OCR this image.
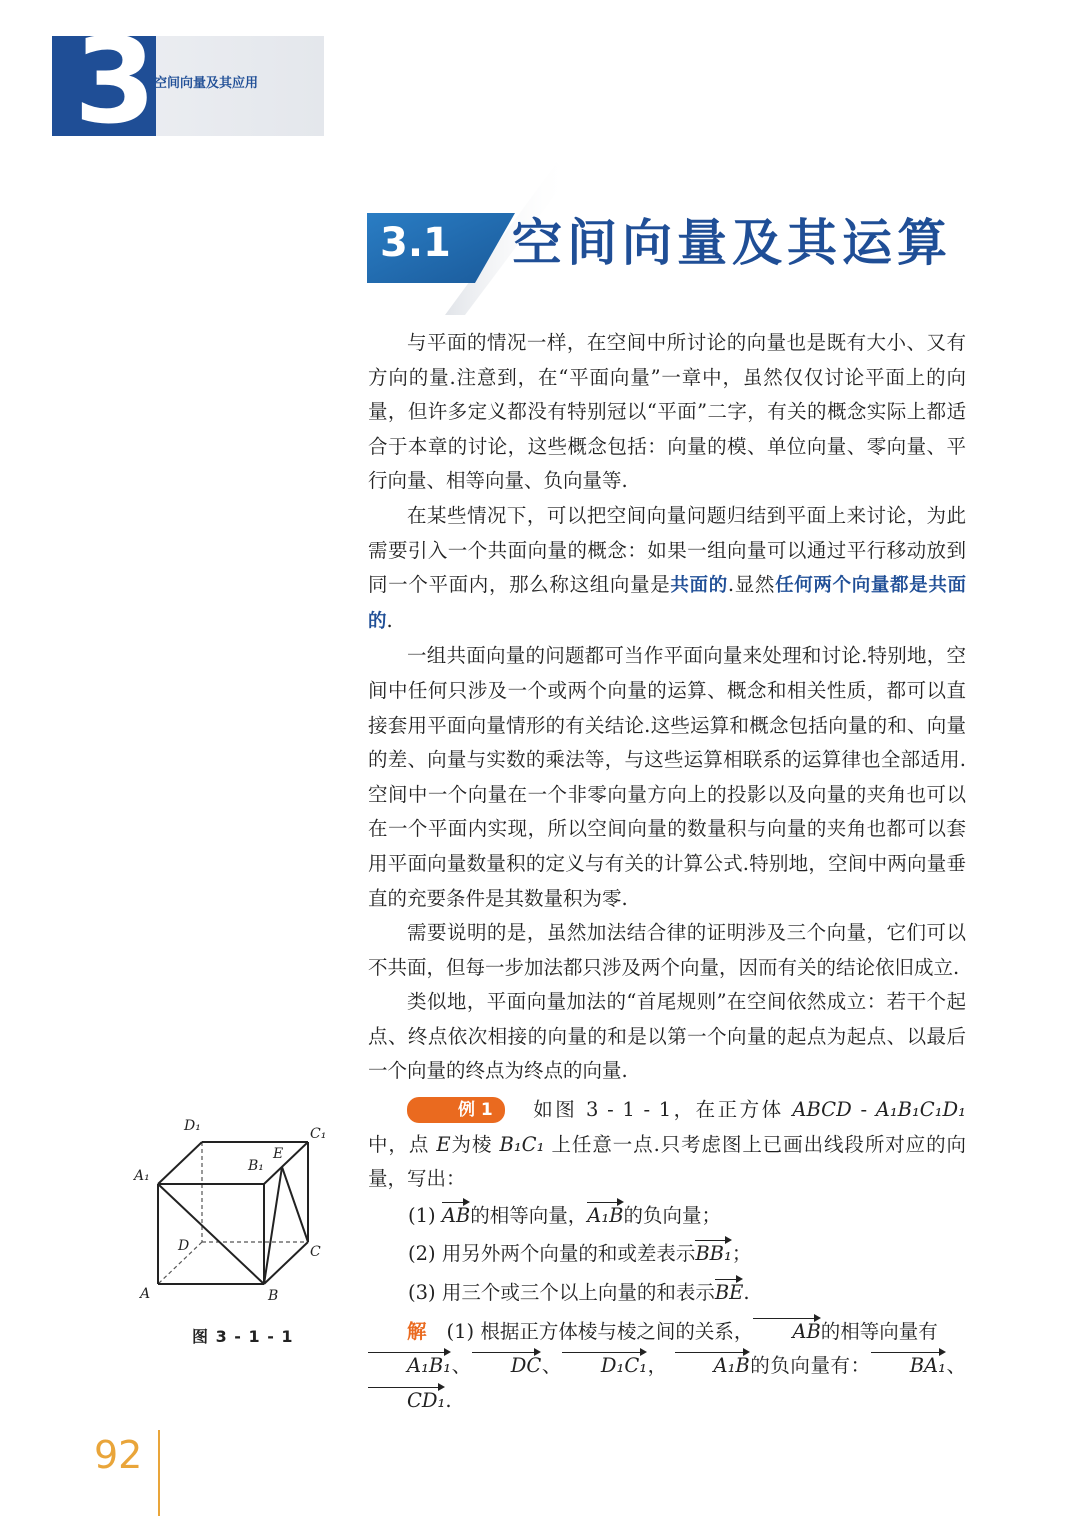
3 空间向量及其应用
3.1 空间向量及其运算

与平面的情况一样，在空间中所讨论的向量也是既有大小、又有方向的量.注意到，在“平面向量”一章中，虽然仅仅讨论平面上的向量，但许多定义都没有特别冠以“平面”二字，有关的概念实际上都适合于本章的讨论，这些概念包括：向量的模、单位向量、零向量、平行向量、相等向量、负向量等.

在某些情况下，可以把空间向量问题归结到平面上来讨论，为此需要引入一个共面向量的概念：如果一组向量可以通过平行移动放到同一个平面内，那么称这组向量是共面的.显然任何两个向量都是共面的.

一组共面向量的问题都可当作平面向量来处理和讨论.特别地，空间中任何只涉及一个或两个向量的运算、概念和相关性质，都可以直接套用平面向量情形的有关结论.这些运算和概念包括向量的和、向量的差、向量与实数的乘法等，与这些运算相联系的运算律也全部适用.空间中一个向量在一个非零向量方向上的投影以及向量的夹角也可以在一个平面内实现，所以空间向量的数量积与向量的夹角也都可以套用平面向量数量积的定义与有关的计算公式.特别地，空间中两向量垂直的充要条件是其数量积为零.

需要说明的是，虽然加法结合律的证明涉及三个向量，它们可以不共面，但每一步加法都只涉及两个向量，因而有关的结论依旧成立.

类似地，平面向量加法的“首尾规则”在空间依然成立：若干个起点、终点依次相接的向量的和是以第一个向量的起点为起点、以最后一个向量的终点为终点的向量.

例 1 如图 3 - 1 - 1，在正方体 ABCD - A₁B₁C₁D₁ 中，点 E为棱 B₁C₁ 上任意一点.只考虑图上已画出线段所对应的向量，写出：

(1) AB的相等向量，A₁B的负向量；

(2) 用另外两个向量的和或差表示BB₁；

(3) 用三个或三个以上向量的和表示BE.

解 (1) 根据正方体棱与棱之间的关系， AB的相等向量有
A₁B₁、 DC、 D₁C₁， A₁B的负向量有： BA₁、CD₁.

D₁	C₁
A₁
B₁
E
D	C
A	B
图 3 - 1 - 1
92
